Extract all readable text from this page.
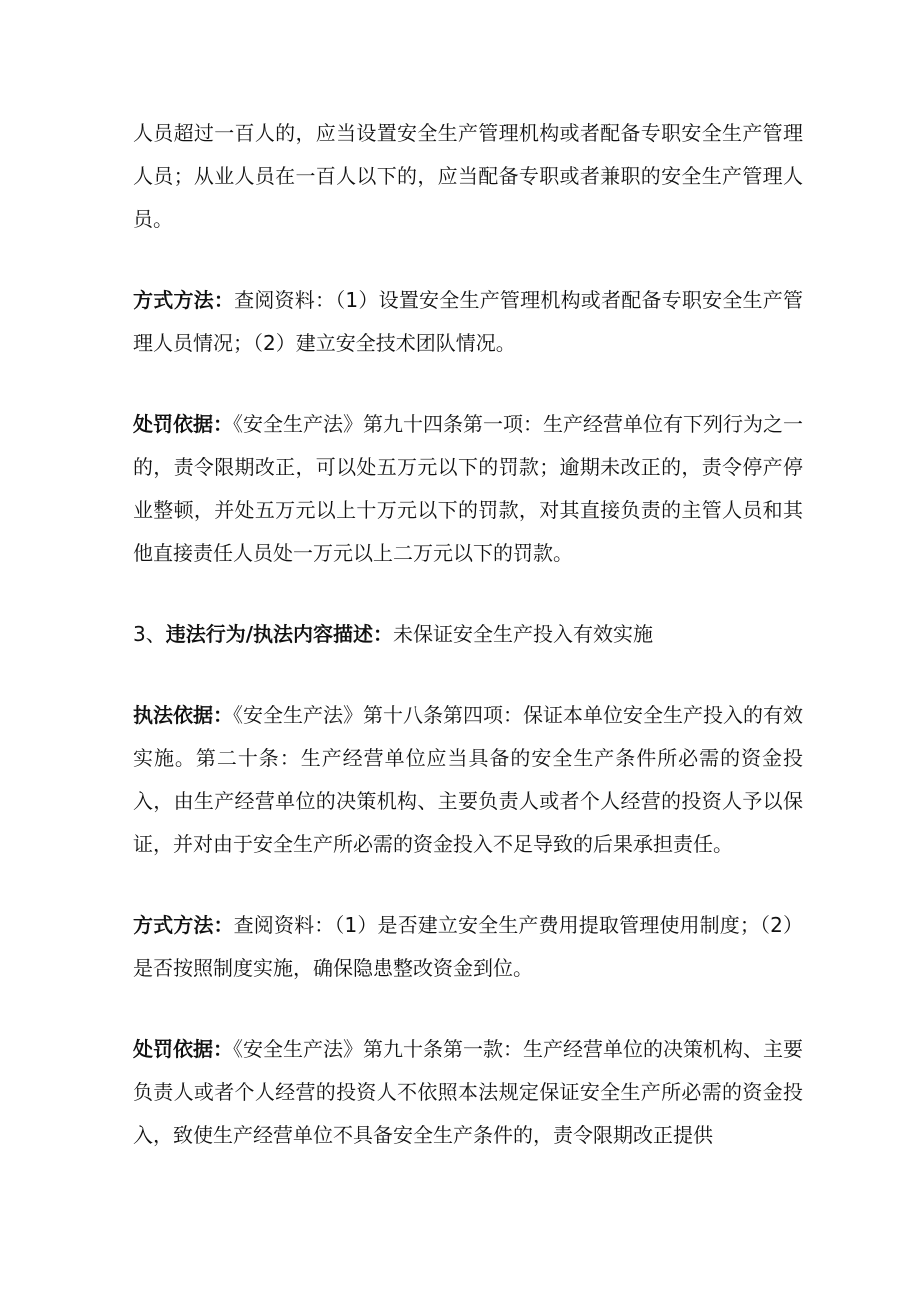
人员超过一百人的，应当设置安全生产管理机构或者配备专职安全生产管理人员；从业人员在一百人以下的，应当配备专职或者兼职的安全生产管理人员。

方式方法：查阅资料：（1）设置安全生产管理机构或者配备专职安全生产管理人员情况；（2）建立安全技术团队情况。

处罚依据：《安全生产法》第九十四条第一项：生产经营单位有下列行为之一的，责令限期改正，可以处五万元以下的罚款；逾期未改正的，责令停产停业整顿，并处五万元以上十万元以下的罚款，对其直接负责的主管人员和其他直接责任人员处一万元以上二万元以下的罚款。

3、违法行为/执法内容描述：未保证安全生产投入有效实施

执法依据：《安全生产法》第十八条第四项：保证本单位安全生产投入的有效实施。第二十条：生产经营单位应当具备的安全生产条件所必需的资金投入，由生产经营单位的决策机构、主要负责人或者个人经营的投资人予以保证，并对由于安全生产所必需的资金投入不足导致的后果承担责任。

方式方法：查阅资料：（1）是否建立安全生产费用提取管理使用制度；（2）是否按照制度实施，确保隐患整改资金到位。

处罚依据：《安全生产法》第九十条第一款：生产经营单位的决策机构、主要负责人或者个人经营的投资人不依照本法规定保证安全生产所必需的资金投入，致使生产经营单位不具备安全生产条件的，责令限期改正提供
